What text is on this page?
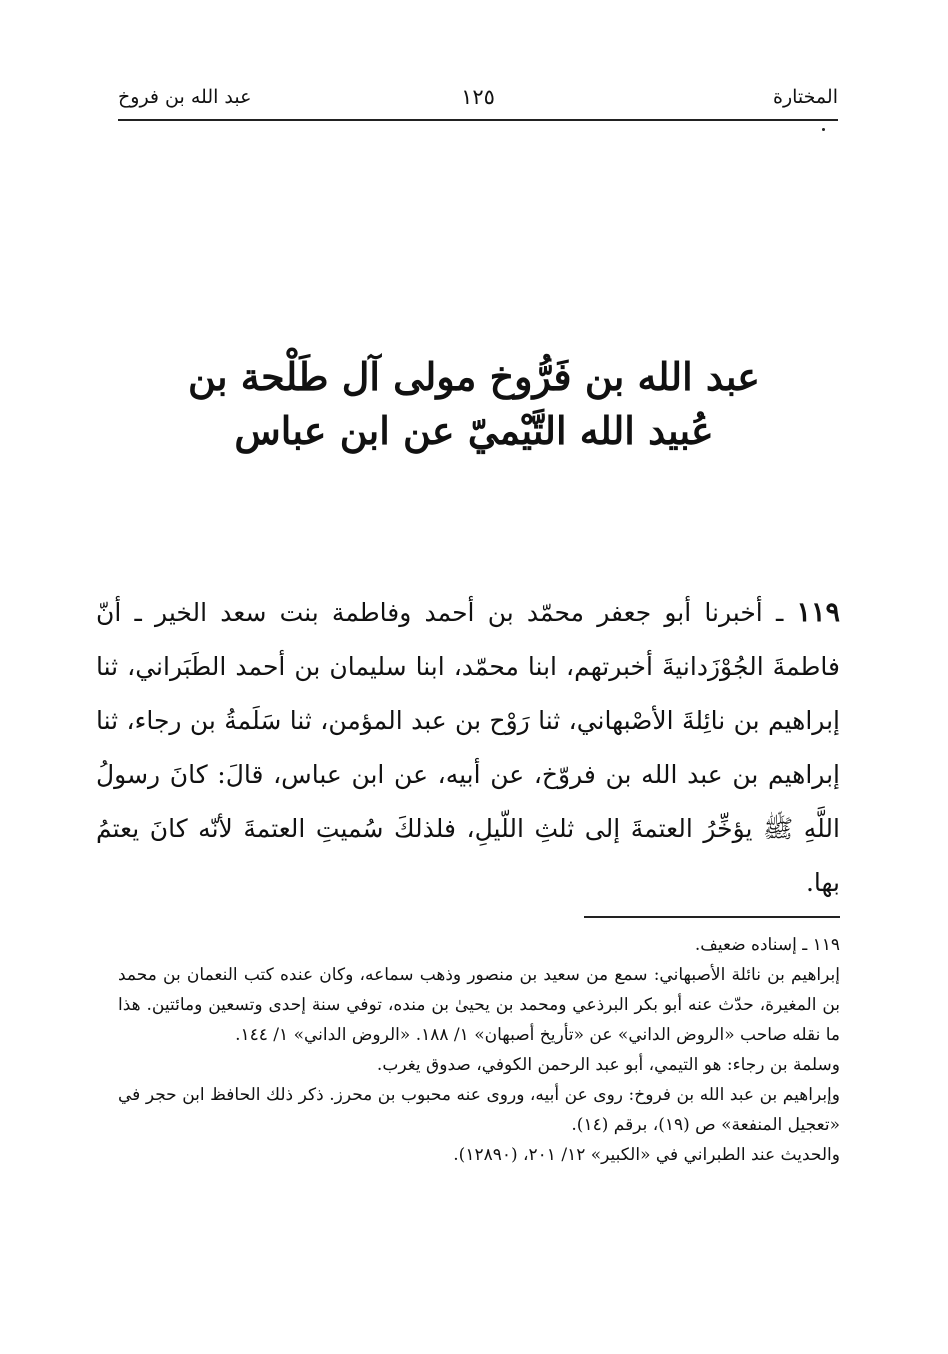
المختارة
١٢٥
عبد الله بن فروخ
عبد الله بن فَرُّوخ مولى آل طَلْحة بن
عُبيد الله التَّيْميّ عن ابن عباس
١١٩ ـ أخبرنا أبو جعفر محمّد بن أحمد وفاطمة بنت سعد الخير ـ أنّ فاطمةَ الجُوْزَدانيةَ أخبرتهم، ابنا محمّد، ابنا سليمان بن أحمد الطَبَراني، ثنا إبراهيم بن نائِلةَ الأصْبهاني، ثنا رَوْح بن عبد المؤمن، ثنا سَلَمةُ بن رجاء، ثنا إبراهيم بن عبد الله بن فروّخ، عن أبيه، عن ابن عباس، قالَ: كانَ رسولُ اللَّهِ ﷺ يؤخِّرُ العتمةَ إلى ثلثِ اللّيلِ، فلذلكَ سُميتِ العتمةَ لأنّه كانَ يعتمُ بها.

١١٩ ـ إسناده ضعيف.

إبراهيم بن نائلة الأصبهاني: سمع من سعيد بن منصور وذهب سماعه، وكان عنده كتب النعمان بن محمد بن المغيرة، حدّث عنه أبو بكر البرذعي ومحمد بن يحيىٰ بن منده، توفي سنة إحدى وتسعين ومائتين. هذا ما نقله صاحب «الروض الداني» عن «تأريخ أصبهان» ١/ ١٨٨. «الروض الداني» ١/ ١٤٤.

وسلمة بن رجاء: هو التيمي، أبو عبد الرحمن الكوفي، صدوق يغرب.

وإبراهيم بن عبد الله بن فروخ: روى عن أبيه، وروى عنه محبوب بن محرز. ذكر ذلك الحافظ ابن حجر في «تعجيل المنفعة» ص (١٩)، برقم (١٤).

والحديث عند الطبراني في «الكبير» ١٢/ ٢٠١، (١٢٨٩٠).
